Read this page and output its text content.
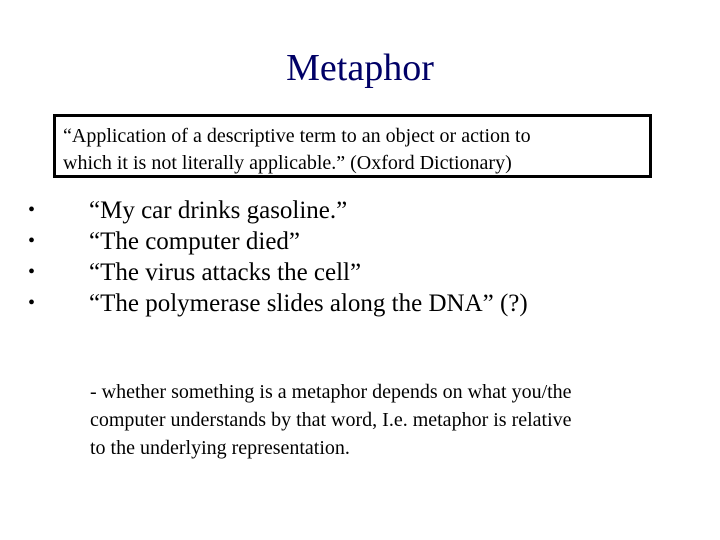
Metaphor
“Application of a descriptive term to an object or action to
which it is not literally applicable.” (Oxford Dictionary)
• “My car drinks gasoline.”
• “The computer died”
• “The virus attacks the cell”
• “The polymerase slides along the DNA” (?)
- whether something is a metaphor depends on what you/the
computer understands by that word, I.e. metaphor is relative
to the underlying representation.
